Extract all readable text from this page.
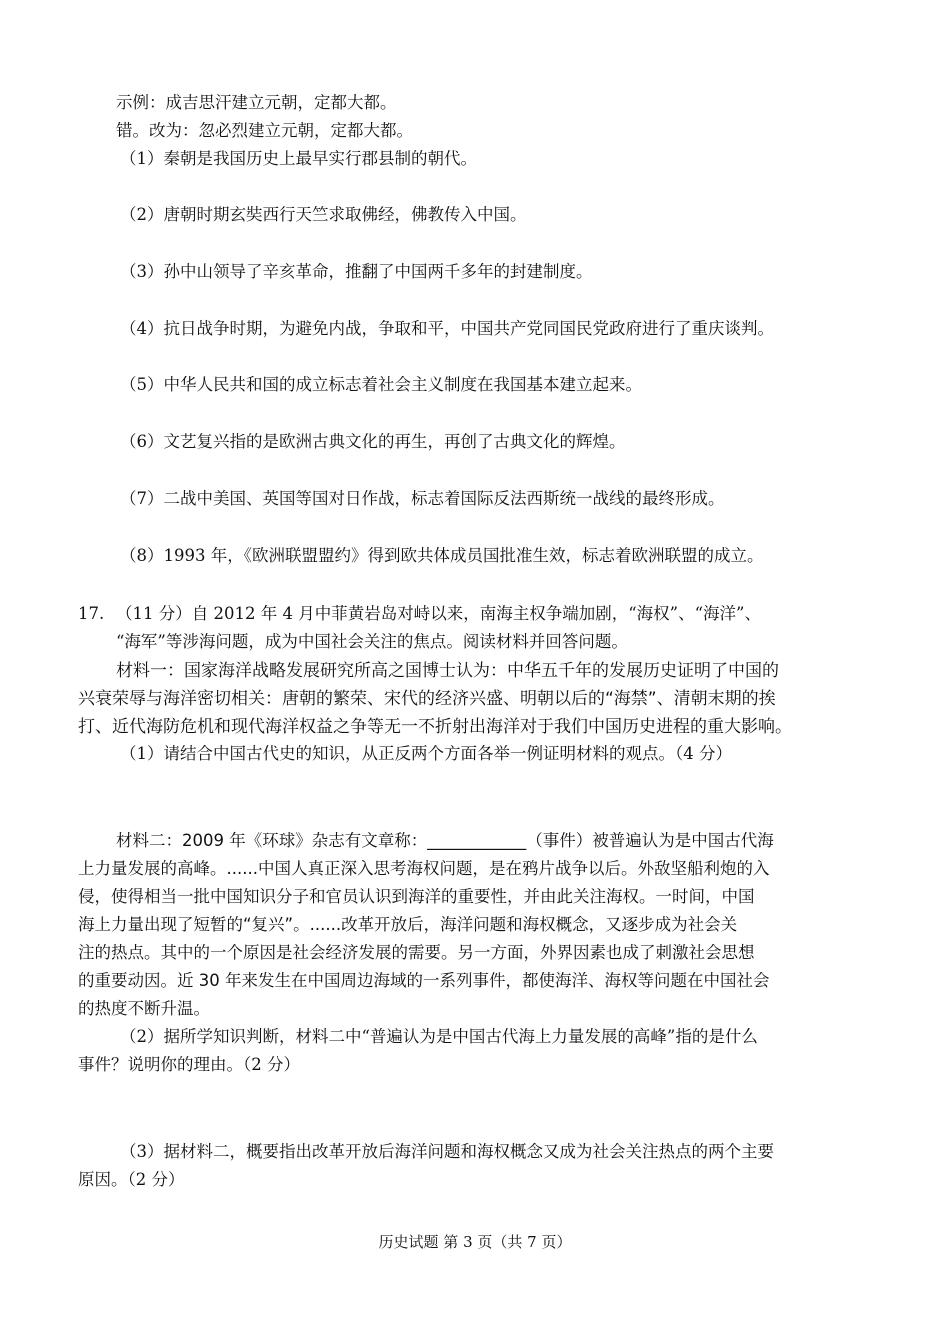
示例：成吉思汗建立元朝，定都大都。
错。改为：忽必烈建立元朝，定都大都。
（1）秦朝是我国历史上最早实行郡县制的朝代。
（2）唐朝时期玄奘西行天竺求取佛经，佛教传入中国。
（3）孙中山领导了辛亥革命，推翻了中国两千多年的封建制度。
（4）抗日战争时期，为避免内战，争取和平，中国共产党同国民党政府进行了重庆谈判。
（5）中华人民共和国的成立标志着社会主义制度在我国基本建立起来。
（6）文艺复兴指的是欧洲古典文化的再生，再创了古典文化的辉煌。
（7）二战中美国、英国等国对日作战，标志着国际反法西斯统一战线的最终形成。
（8）1993 年，《欧洲联盟盟约》得到欧共体成员国批准生效，标志着欧洲联盟的成立。
17. （11 分）自 2012 年 4 月中菲黄岩岛对峙以来，南海主权争端加剧，“海权”、“海洋”、
“海军”等涉海问题，成为中国社会关注的焦点。阅读材料并回答问题。
材料一：国家海洋战略发展研究所高之国博士认为：中华五千年的发展历史证明了中国的
兴衰荣辱与海洋密切相关：唐朝的繁荣、宋代的经济兴盛、明朝以后的“海禁”、清朝末期的挨
打、近代海防危机和现代海洋权益之争等无一不折射出海洋对于我们中国历史进程的重大影响。
（1）请结合中国古代史的知识，从正反两个方面各举一例证明材料的观点。（4 分）
材料二：2009 年《环球》杂志有文章称：____________（事件）被普遍认为是中国古代海
上力量发展的高峰。......中国人真正深入思考海权问题，是在鸦片战争以后。外敌坚船利炮的入
侵，使得相当一批中国知识分子和官员认识到海洋的重要性，并由此关注海权。一时间，中国
海上力量出现了短暂的“复兴”。......改革开放后，海洋问题和海权概念，又逐步成为社会关
注的热点。其中的一个原因是社会经济发展的需要。另一方面，外界因素也成了刺激社会思想
的重要动因。近 30 年来发生在中国周边海域的一系列事件，都使海洋、海权等问题在中国社会
的热度不断升温。
（2）据所学知识判断，材料二中“普遍认为是中国古代海上力量发展的高峰”指的是什么
事件？说明你的理由。（2 分）
（3）据材料二，概要指出改革开放后海洋问题和海权概念又成为社会关注热点的两个主要
原因。（2 分）
历史试题 第 3 页（共 7 页）
